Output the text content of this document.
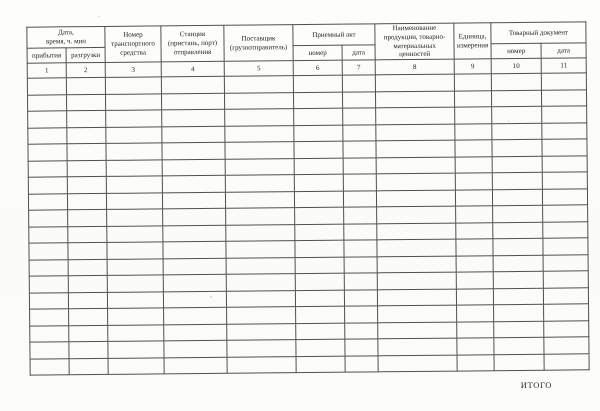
Дата,
время, ч. мин		Номер
транспортного
средства	Станция
(пристань, порт)
отправления	Поставщик
(грузоотправитель)	Приемный акт		Наименование
продукции, товарно-
материальных
ценностей	Единица,
измерения	Товарный документ	
прибытия	разгрузки				номер	дата			номер	дата
1	2	3	4	5	6	7	8	9	10	11

ИТОГО
